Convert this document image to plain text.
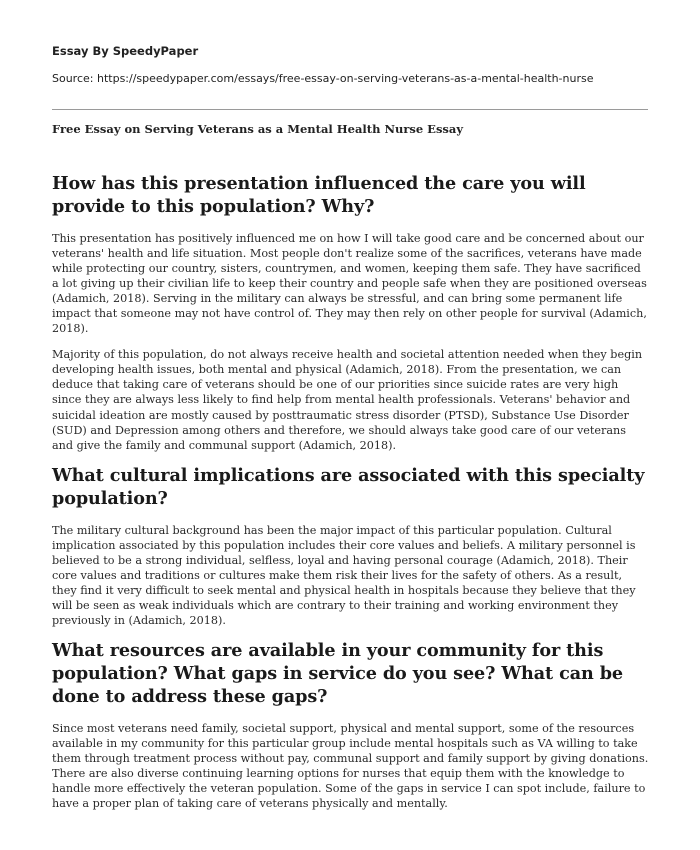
Essay By SpeedyPaper
Source: https://speedypaper.com/essays/free-essay-on-serving-veterans-as-a-mental-health-nurse
Free Essay on Serving Veterans as a Mental Health Nurse Essay
How has this presentation influenced the care you will provide to this population? Why?

This presentation has positively influenced me on how I will take good care and be concerned about our veterans' health and life situation. Most people don't realize some of the sacrifices, veterans have made while protecting our country, sisters, countrymen, and women, keeping them safe. They have sacrificed a lot giving up their civilian life to keep their country and people safe when they are positioned overseas (Adamich, 2018). Serving in the military can always be stressful, and can bring some permanent life impact that someone may not have control of. They may then rely on other people for survival (Adamich, 2018).

Majority of this population, do not always receive health and societal attention needed when they begin developing health issues, both mental and physical (Adamich, 2018). From the presentation, we can deduce that taking care of veterans should be one of our priorities since suicide rates are very high since they are always less likely to find help from mental health professionals. Veterans' behavior and suicidal ideation are mostly caused by posttraumatic stress disorder (PTSD), Substance Use Disorder (SUD) and Depression among others and therefore, we should always take good care of our veterans and give the family and communal support (Adamich, 2018).

What cultural implications are associated with this specialty population?

The military cultural background has been the major impact of this particular population. Cultural implication associated by this population includes their core values and beliefs. A military personnel is believed to be a strong individual, selfless, loyal and having personal courage (Adamich, 2018). Their core values and traditions or cultures make them risk their lives for the safety of others. As a result, they find it very difficult to seek mental and physical health in hospitals because they believe that they will be seen as weak individuals which are contrary to their training and working environment they previously in (Adamich, 2018).

What resources are available in your community for this population? What gaps in service do you see? What can be done to address these gaps?

Since most veterans need family, societal support, physical and mental support, some of the resources available in my community for this particular group include mental hospitals such as VA willing to take them through treatment process without pay, communal support and family support by giving donations. There are also diverse continuing learning options for nurses that equip them with the knowledge to handle more effectively the veteran population. Some of the gaps in service I can spot include, failure to have a proper plan of taking care of veterans physically and mentally.
